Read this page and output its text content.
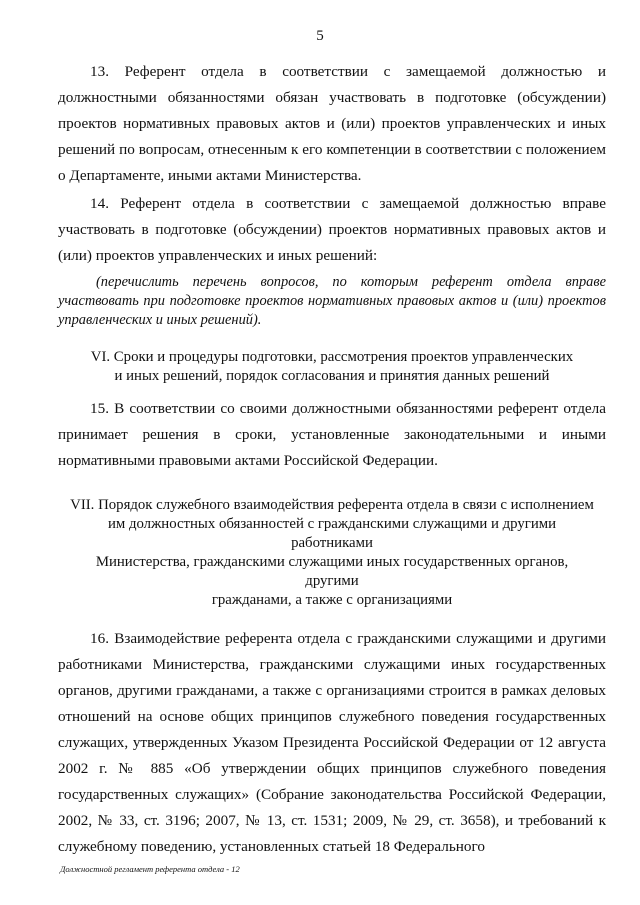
5

13. Референт отдела в соответствии с замещаемой должностью и должностными обязанностями обязан участвовать в подготовке (обсуждении) проектов нормативных правовых актов и (или) проектов управленческих и иных решений по вопросам, отнесенным к его компетенции в соответствии с положением о Департаменте, иными актами Министерства.

14. Референт отдела в соответствии с замещаемой должностью вправе участвовать в подготовке (обсуждении) проектов нормативных правовых актов и (или) проектов управленческих и иных решений:

(перечислить перечень вопросов, по которым референт отдела вправе участвовать при подготовке проектов нормативных правовых актов и (или) проектов управленческих и иных решений).

VI. Сроки и процедуры подготовки, рассмотрения проектов управленческих
и иных решений, порядок согласования и принятия данных решений

15. В соответствии со своими должностными обязанностями референт отдела принимает решения в сроки, установленные законодательными и иными нормативными правовыми актами Российской Федерации.

VII. Порядок служебного взаимодействия референта отдела в связи с исполнением
им должностных обязанностей с гражданскими служащими и другими работниками
Министерства, гражданскими служащими иных государственных органов, другими
гражданами, а также с организациями

16. Взаимодействие референта отдела с гражданскими служащими и другими работниками Министерства, гражданскими служащими иных государственных органов, другими гражданами, а также с организациями строится в рамках деловых отношений на основе общих принципов служебного поведения государственных служащих, утвержденных Указом Президента Российской Федерации от 12 августа 2002 г. № 885 «Об утверждении общих принципов служебного поведения государственных служащих» (Собрание законодательства Российской Федерации, 2002, № 33, ст. 3196; 2007, № 13, ст. 1531; 2009, № 29, ст. 3658), и требований к служебному поведению, установленных статьей 18 Федерального

Должностной регламент референта отдела - 12
